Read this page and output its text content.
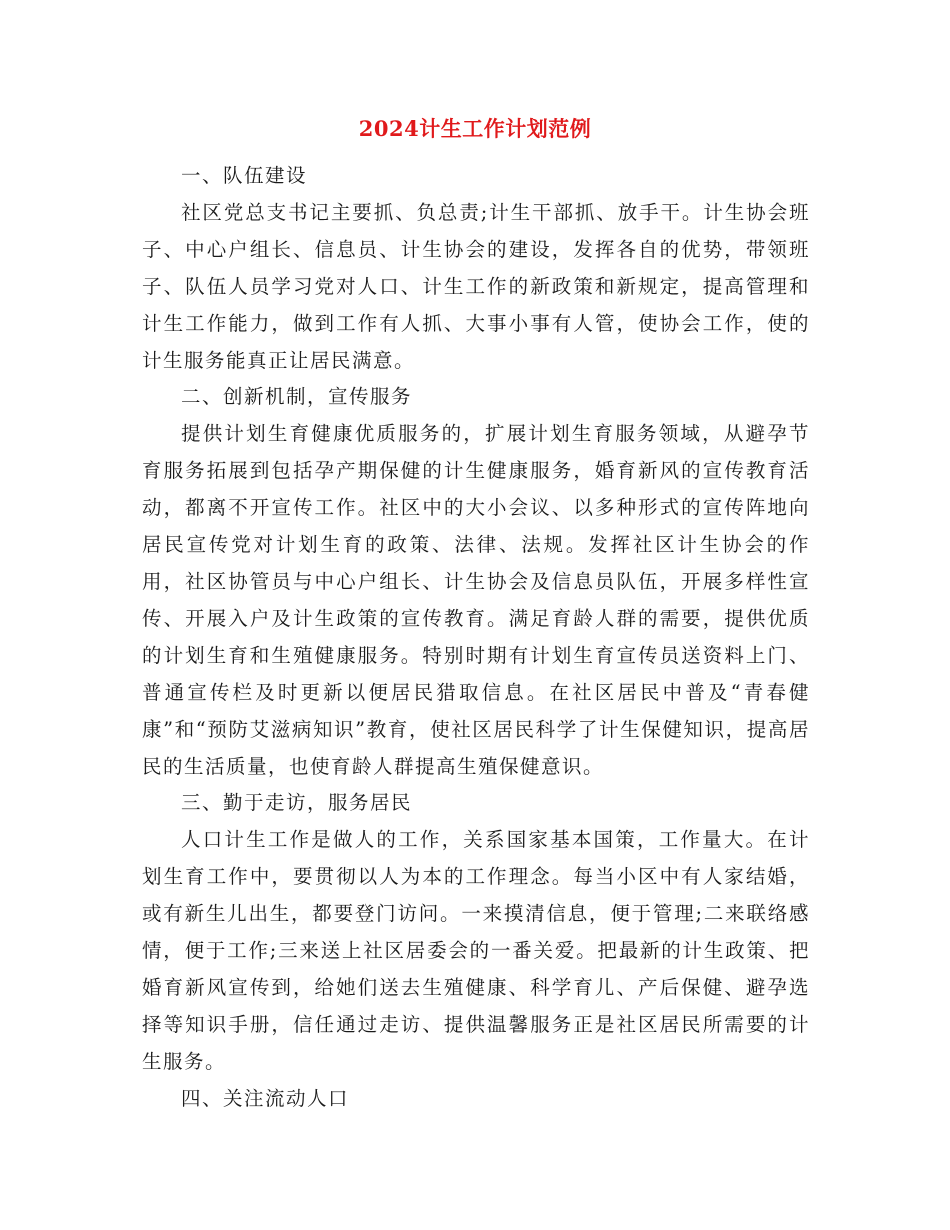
2024计生工作计划范例

一、队伍建设

社区党总支书记主要抓、负总责;计生干部抓、放手干。计生协会班子、中心户组长、信息员、计生协会的建设，发挥各自的优势，带领班子、队伍人员学习党对人口、计生工作的新政策和新规定，提高管理和计生工作能力，做到工作有人抓、大事小事有人管，使协会工作，使的计生服务能真正让居民满意。

二、创新机制，宣传服务

提供计划生育健康优质服务的，扩展计划生育服务领域，从避孕节育服务拓展到包括孕产期保健的计生健康服务，婚育新风的宣传教育活动，都离不开宣传工作。社区中的大小会议、以多种形式的宣传阵地向居民宣传党对计划生育的政策、法律、法规。发挥社区计生协会的作用，社区协管员与中心户组长、计生协会及信息员队伍，开展多样性宣传、开展入户及计生政策的宣传教育。满足育龄人群的需要，提供优质的计划生育和生殖健康服务。特别时期有计划生育宣传员送资料上门、普通宣传栏及时更新以便居民猎取信息。在社区居民中普及“青春健康”和“预防艾滋病知识”教育，使社区居民科学了计生保健知识，提高居民的生活质量，也使育龄人群提高生殖保健意识。

三、勤于走访，服务居民

人口计生工作是做人的工作，关系国家基本国策，工作量大。在计划生育工作中，要贯彻以人为本的工作理念。每当小区中有人家结婚，或有新生儿出生，都要登门访问。一来摸清信息，便于管理;二来联络感情，便于工作;三来送上社区居委会的一番关爱。把最新的计生政策、把婚育新风宣传到，给她们送去生殖健康、科学育儿、产后保健、避孕选择等知识手册，信任通过走访、提供温馨服务正是社区居民所需要的计生服务。

四、关注流动人口
